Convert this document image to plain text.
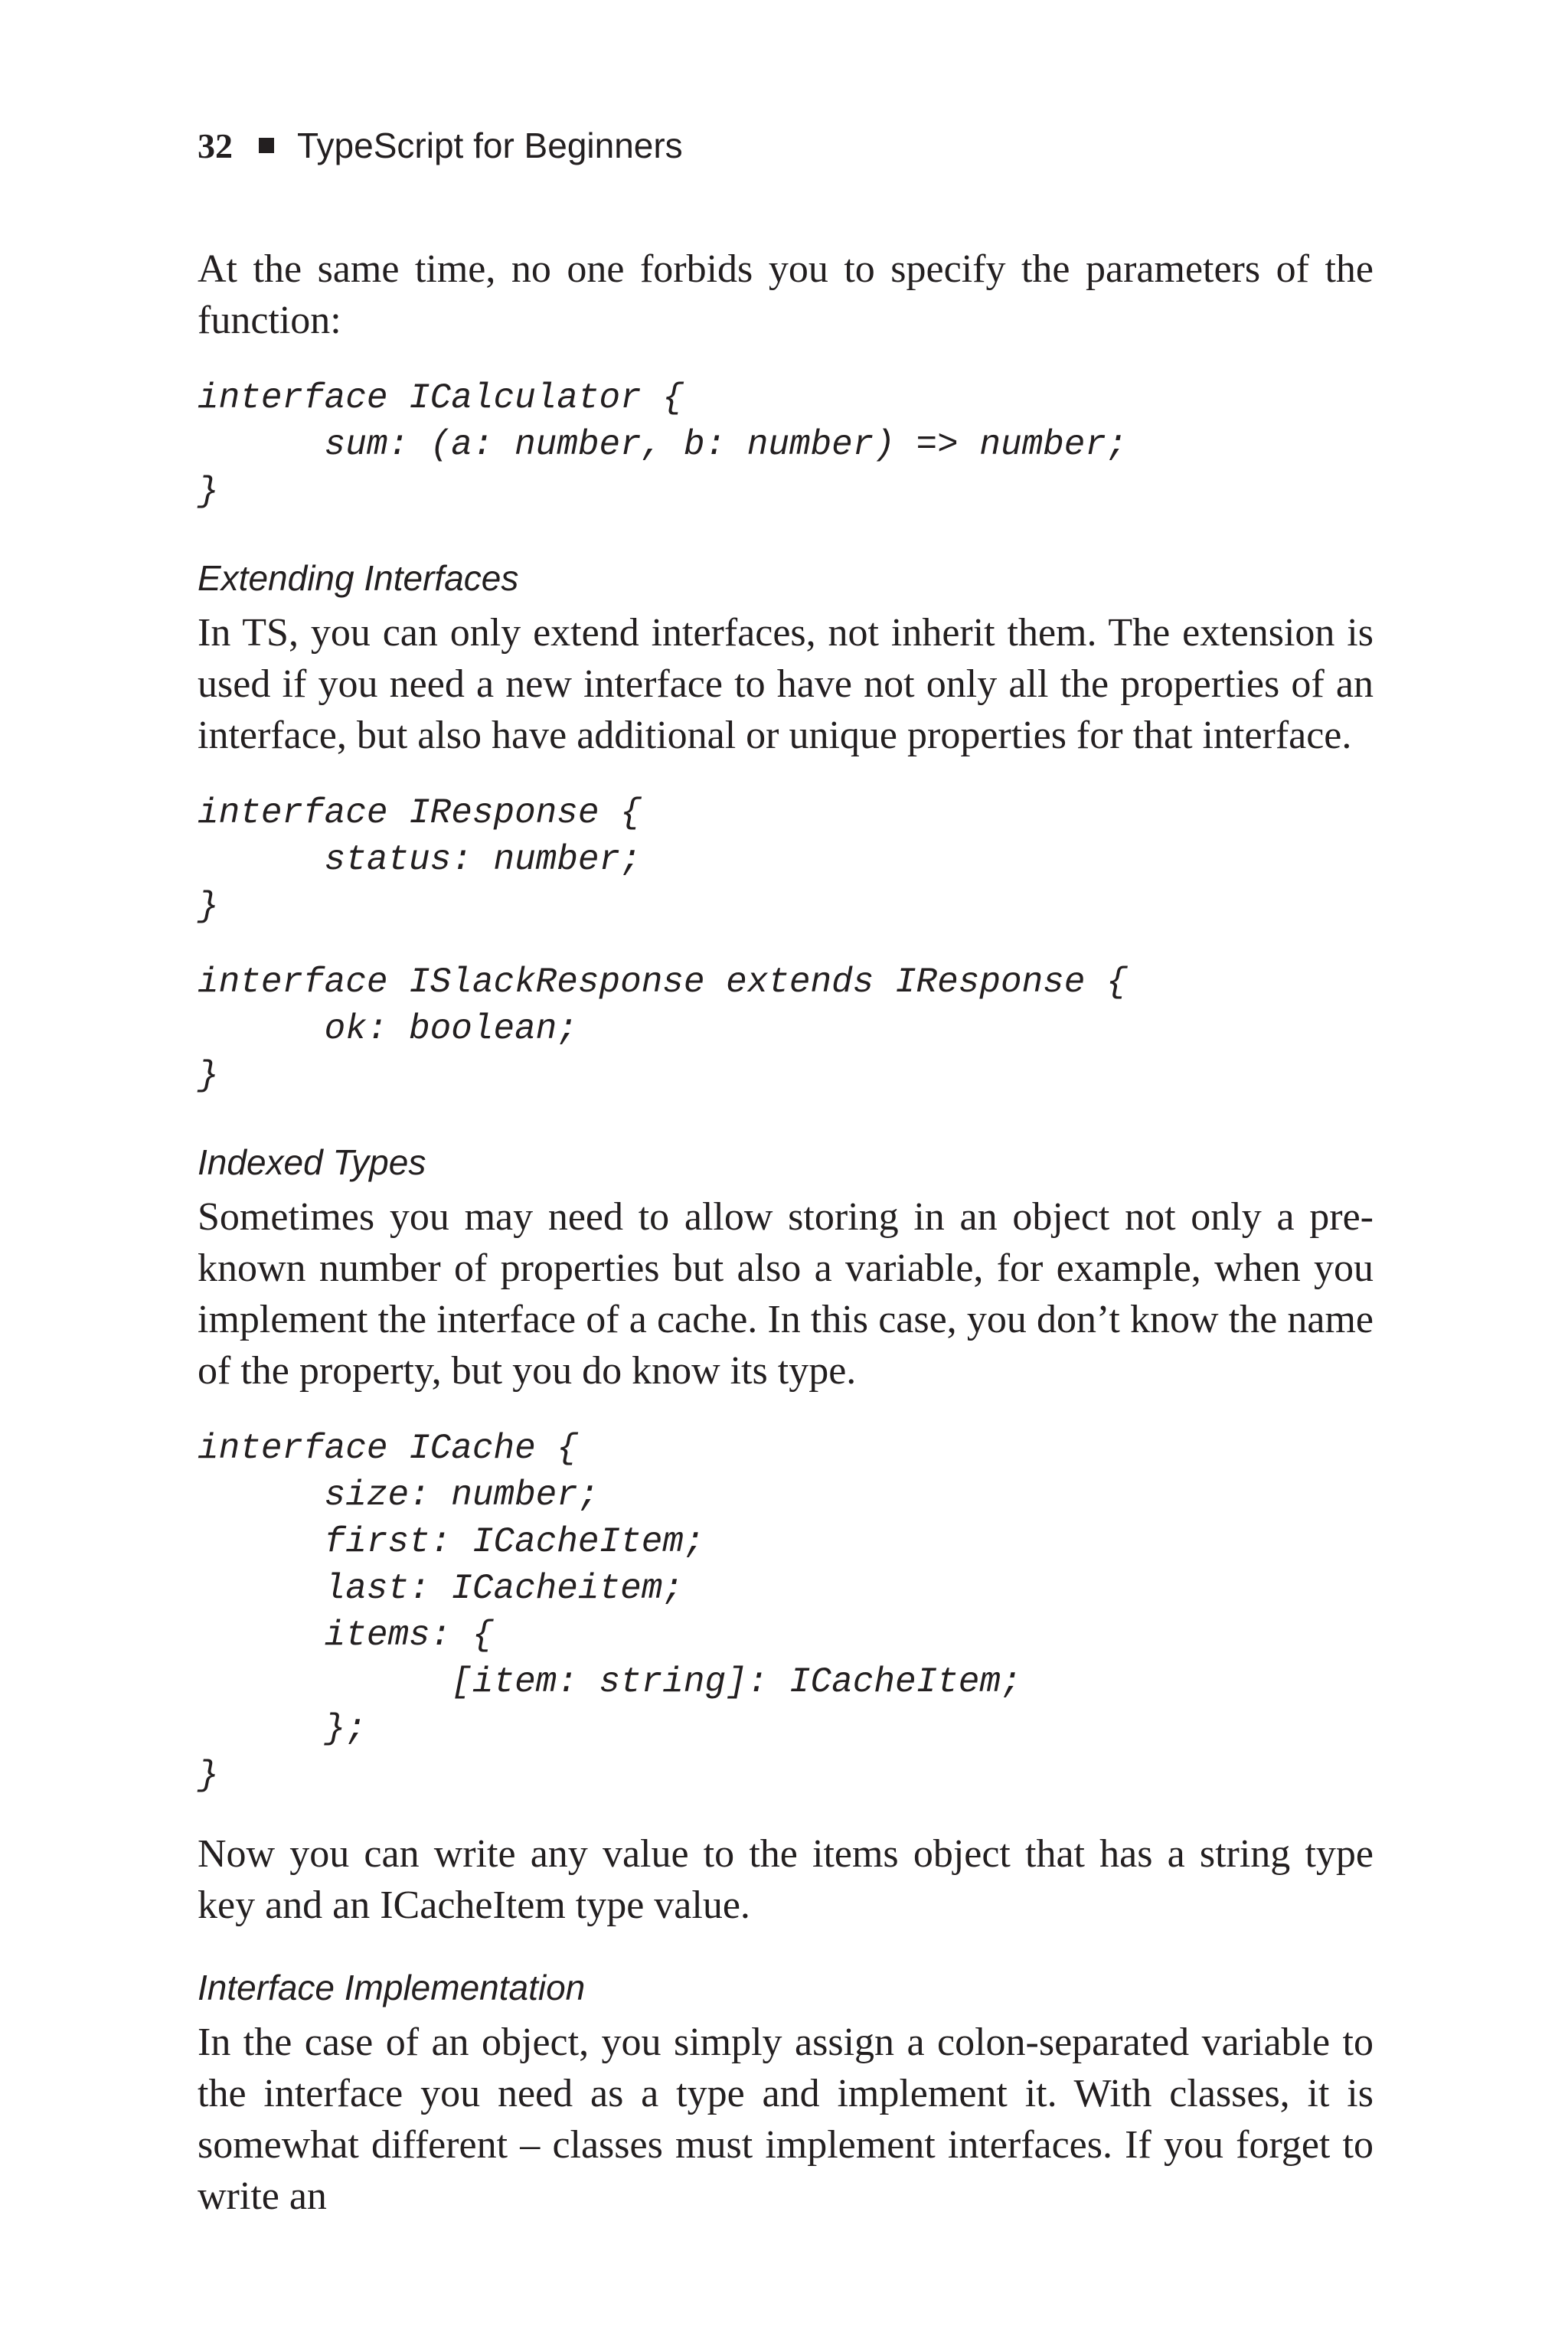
32 TypeScript for Beginners

At the same time, no one forbids you to specify the parameters of the function:

interface ICalculator {
sum: (a: number, b: number) => number;
}
Extending Interfaces

In TS, you can only extend interfaces, not inherit them. The extension is used if you need a new interface to have not only all the properties of an interface, but also have additional or unique properties for that interface.

interface IResponse {
status: number;
}
interface ISlackResponse extends IResponse {
ok: boolean;
}
Indexed Types

Sometimes you may need to allow storing in an object not only a pre-known number of properties but also a variable, for example, when you implement the interface of a cache. In this case, you don’t know the name of the property, but you do know its type.

interface ICache {
size: number;
first: ICacheItem;
last: ICacheitem;
items: {
[item: string]: ICacheItem;
};
}

Now you can write any value to the items object that has a string type key and an ICacheItem type value.

Interface Implementation

In the case of an object, you simply assign a colon-separated variable to the interface you need as a type and implement it. With classes, it is somewhat different – classes must implement interfaces. If you forget to write an
